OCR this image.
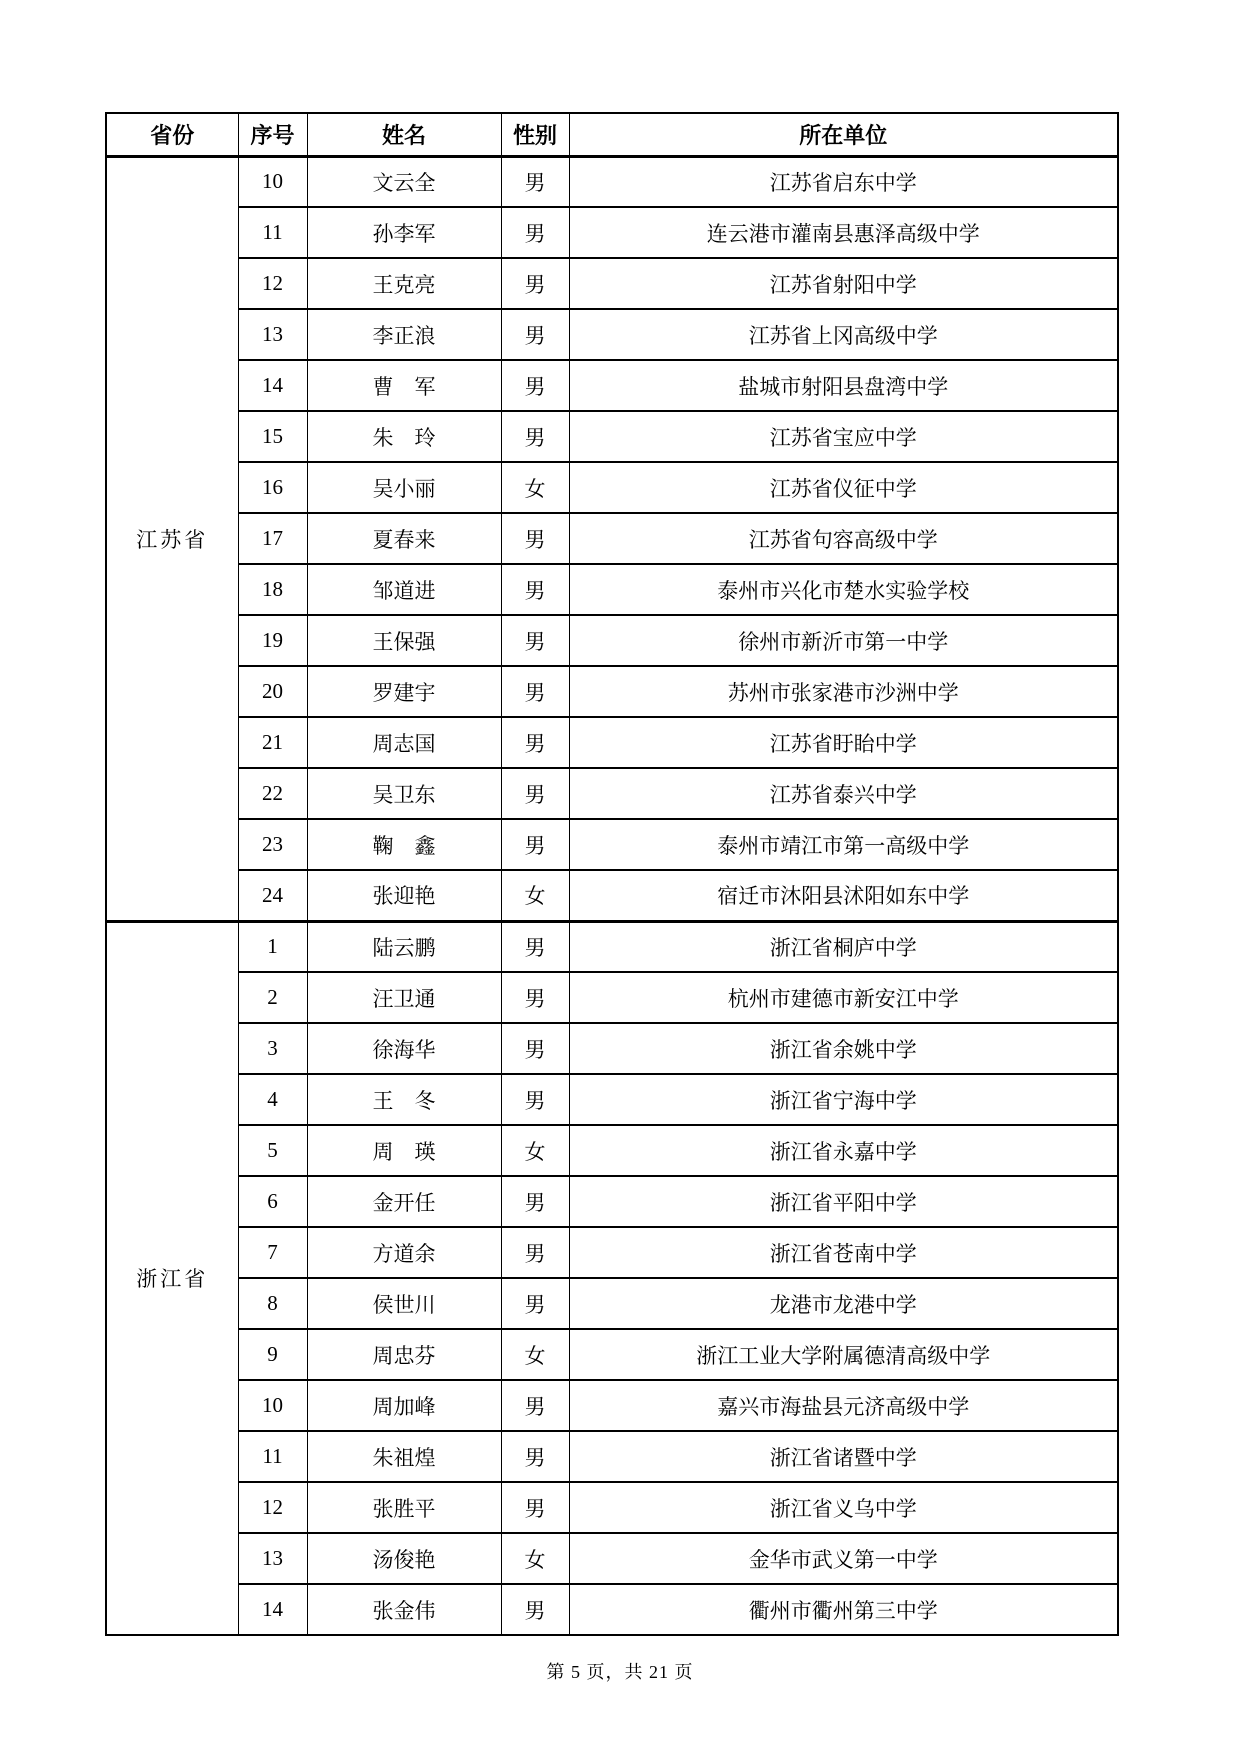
省份	序号	姓名	性别	所在单位
江苏省	10	文云全	男	江苏省启东中学
	11	孙李军	男	连云港市灌南县惠泽高级中学
	12	王克亮	男	江苏省射阳中学
	13	李正浪	男	江苏省上冈高级中学
	14	曹　军	男	盐城市射阳县盘湾中学
	15	朱　玲	男	江苏省宝应中学
	16	吴小丽	女	江苏省仪征中学
	17	夏春来	男	江苏省句容高级中学
	18	邹道进	男	泰州市兴化市楚水实验学校
	19	王保强	男	徐州市新沂市第一中学
	20	罗建宇	男	苏州市张家港市沙洲中学
	21	周志国	男	江苏省盱眙中学
	22	吴卫东	男	江苏省泰兴中学
	23	鞠　鑫	男	泰州市靖江市第一高级中学
	24	张迎艳	女	宿迁市沐阳县沭阳如东中学
浙江省	1	陆云鹏	男	浙江省桐庐中学
	2	汪卫通	男	杭州市建德市新安江中学
	3	徐海华	男	浙江省余姚中学
	4	王　冬	男	浙江省宁海中学
	5	周　瑛	女	浙江省永嘉中学
	6	金开任	男	浙江省平阳中学
	7	方道余	男	浙江省苍南中学
	8	侯世川	男	龙港市龙港中学
	9	周忠芬	女	浙江工业大学附属德清高级中学
	10	周加峰	男	嘉兴市海盐县元济高级中学
	11	朱祖煌	男	浙江省诸暨中学
	12	张胜平	男	浙江省义乌中学
	13	汤俊艳	女	金华市武义第一中学
	14	张金伟	男	衢州市衢州第三中学
第 5 页，共 21 页
